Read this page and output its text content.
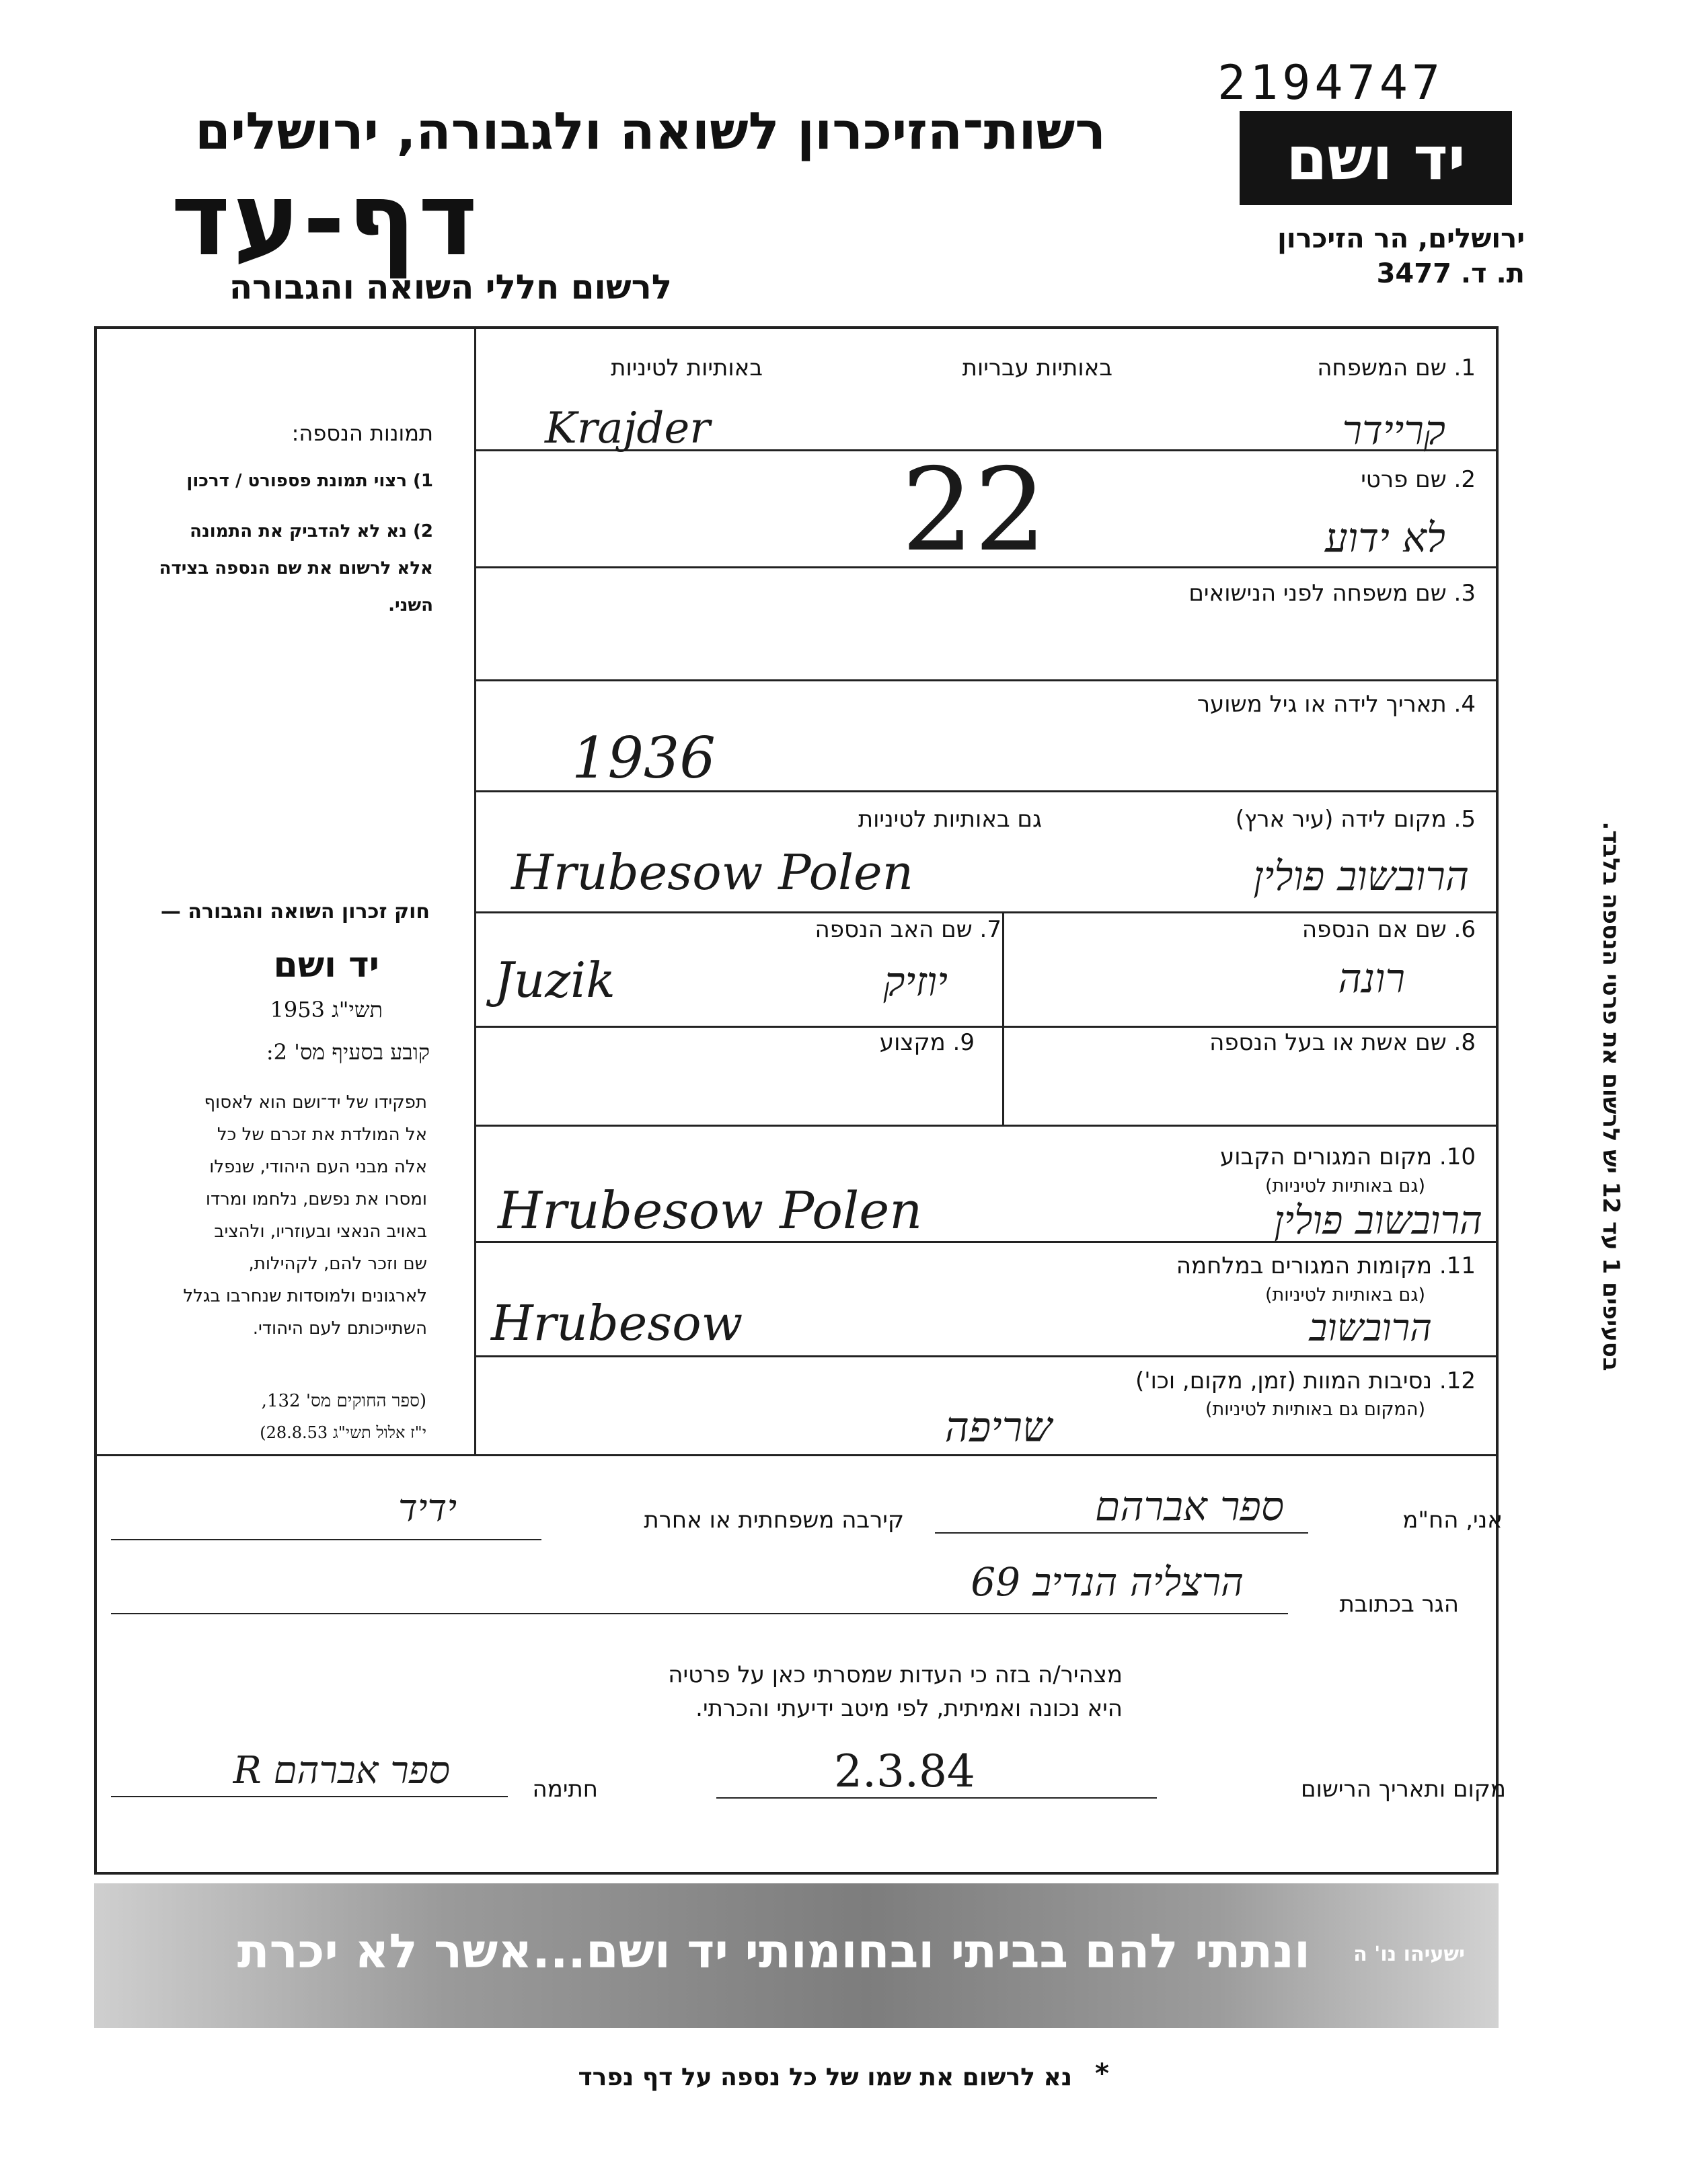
2194747
רשות־הזיכרון לשואה ולגבורה, ירושלים
דף-עד
לרשום חללי השואה והגבורה
יד ושם
ירושלים, הר הזיכרון
ת. ד. 3477
באותיות עבריות
באותיות לטיניות	1. שם המשפחה
קריידר
Krajder
22	2. שם פרטי
לא ידוע
3. שם משפחה לפני הנישואים
4. תאריך לידה או גיל משוער
1936
5. מקום לידה (עיר ארץ)
גם באותיות לטיניות
Hrubesow Polen	הרובשוב פולין
6. שם אם הנספה
רונה
7. שם האב הנספה
Juzik	יוזיק
8. שם אשת או בעל הנספה
9. מקצוע
10. מקום המגורים הקבוע
(גם באותיות לטיניות)
Hrubesow Polen	הרובשוב פולין
11. מקומות המגורים במלחמה
(גם באותיות לטיניות)
Hrubesow	הרובשוב
12. נסיבות המוות (זמן, מקום, וכו')
(המקום גם באותיות לטיניות)
שריפה
תמונות הנספה:
1) רצוי תמונת פספורט / דרכון
2) נא לא להדביק את התמונה
אלא לרשום את שם הנספה בצידה
השני.
חוק זכרון השואה והגבורה —
יד ושם
תשי"ג 1953
קובע בסעיף מס' 2:
תפקידו של יד־ושם הוא לאסוף
אל המולדת את זכרם של כל
אלה מבני העם היהודי, שנפלו
ומסרו את נפשם, נלחמו ומרדו
באויב הנאצי ובעוזריו, ולהציב
שם וזכר להם, לקהילות,
לארגונים ולמוסדות שנחרבו בגלל
השתייכותם לעם היהודי.
(ספר החוקים מס' 132,
י"ז אלול תשי"ג 28.8.53)
בסעיפים 1 עד 12 יש לרשום את פרטי הנספה בלבד.
אני, הח"מ
ספר אברהם
קירבה משפחתית או אחרת
ידיד
הגר בכתובת
הרצליה הנדיב 69
מצהיר/ה בזה כי העדות שמסרתי כאן על פרטיה
היא נכונה ואמיתית, לפי מיטב ידיעתי והכרתי.
מקום ותאריך הרישום
2.3.84
חתימה
R ספר אברהם
ונתתי להם בביתי ובחומותי יד ושם...אשר לא יכרת ישעיהו נו' ה
*
נא לרשום את שמו של כל נספה על דף נפרד
